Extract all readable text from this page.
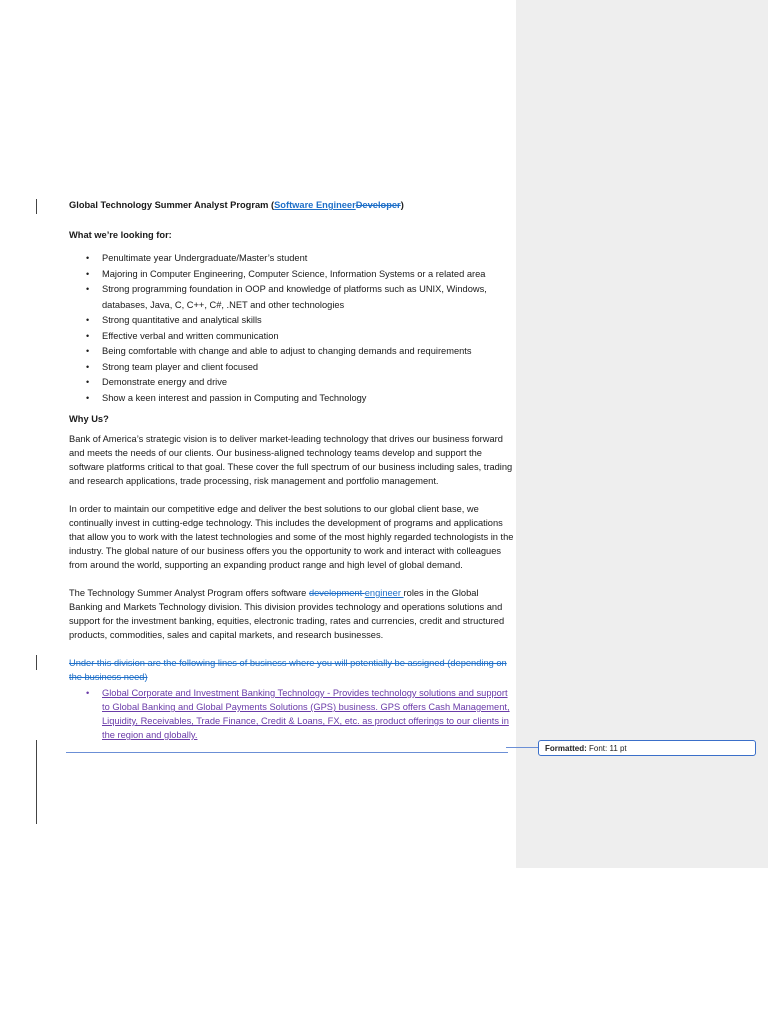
Global Technology Summer Analyst Program (Software EngineerDeveloper)

What we’re looking for:

• Penultimate year Undergraduate/Master’s student
• Majoring in Computer Engineering, Computer Science, Information Systems or a related area
• Strong programming foundation in OOP and knowledge of platforms such as UNIX, Windows, databases, Java, C, C++, C#, .NET and other technologies
• Strong quantitative and analytical skills
• Effective verbal and written communication
• Being comfortable with change and able to adjust to changing demands and requirements
• Strong team player and client focused
• Demonstrate energy and drive
• Show a keen interest and passion in Computing and Technology

Why Us?

Bank of America’s strategic vision is to deliver market-leading technology that drives our business forward and meets the needs of our clients. Our business-aligned technology teams develop and support the software platforms critical to that goal. These cover the full spectrum of our business including sales, trading and research applications, trade processing, risk management and portfolio management.

In order to maintain our competitive edge and deliver the best solutions to our global client base, we continually invest in cutting-edge technology. This includes the development of programs and applications that allow you to work with the latest technologies and some of the most highly regarded technologists in the industry. The global nature of our business offers you the opportunity to work and interact with colleagues from around the world, supporting an expanding product range and high level of global demand.

The Technology Summer Analyst Program offers software development engineer roles in the Global Banking and Markets Technology division. This division provides technology and operations solutions and support for the investment banking, equities, electronic trading, rates and currencies, credit and structured products, commodities, sales and capital markets, and research businesses.

Under this division are the following lines of business where you will potentially be assigned (depending on the business need)

• Global Corporate and Investment Banking Technology - Provides technology solutions and support to Global Banking and Global Payments Solutions (GPS) business. GPS offers Cash Management, Liquidity, Receivables, Trade Finance, Credit & Loans, FX, etc. as product offerings to our clients in the region and globally.
Formatted: Font: 11 pt
